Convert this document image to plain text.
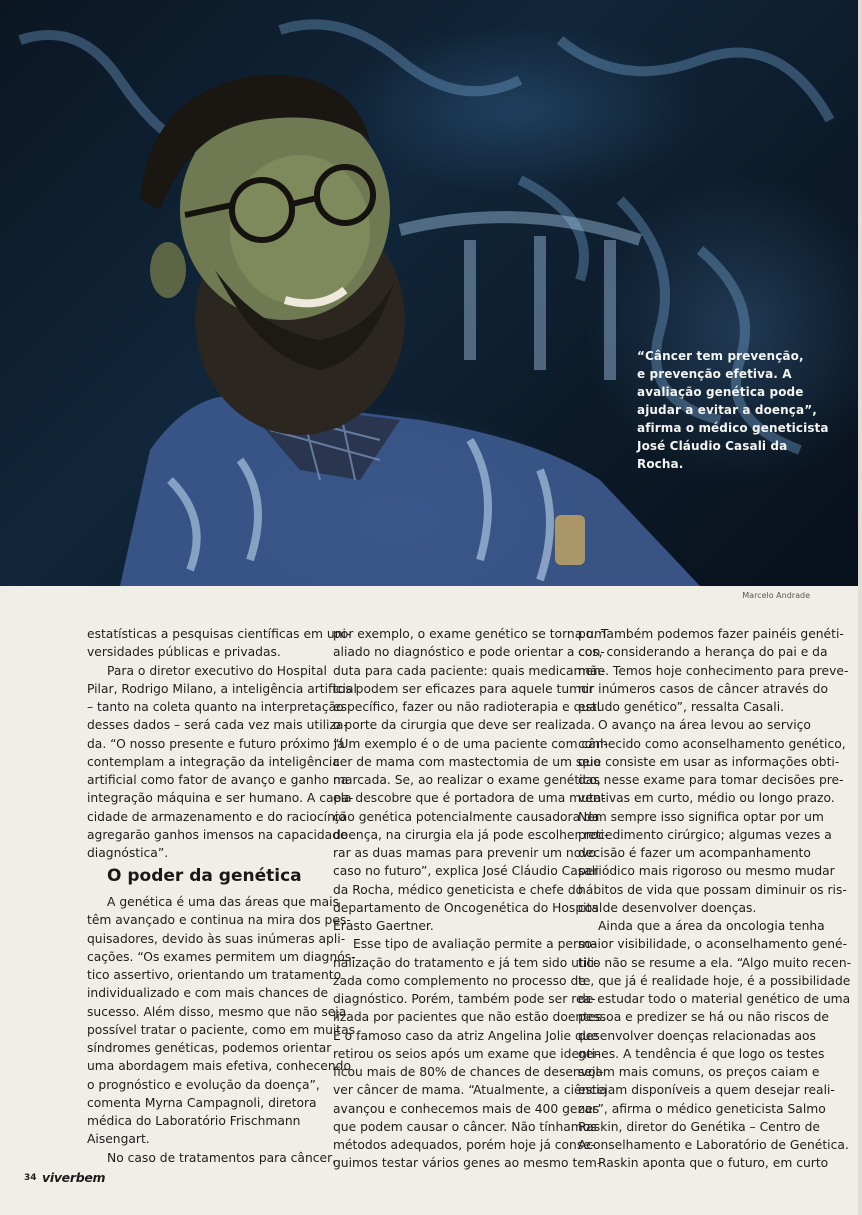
“Câncer tem prevenção,
e prevenção efetiva. A
avaliação genética pode
ajudar a evitar a doença”,
afirma o médico geneticista
José Cláudio Casali da Rocha.
Marcelo Andrade
estatísticas a pesquisas científicas em uni-
versidades públicas e privadas.
Para o diretor executivo do Hospital
Pilar, Rodrigo Milano, a inteligência artificial
– tanto na coleta quanto na interpretação
desses dados – será cada vez mais utiliza-
da. “O nosso presente e futuro próximo já
contemplam a integração da inteligência
artificial como fator de avanço e ganho na
integração máquina e ser humano. A capa-
cidade de armazenamento e do raciocínio
agregarão ganhos imensos na capacidade
diagnóstica”.
O poder da genética
A genética é uma das áreas que mais
têm avançado e continua na mira dos pes-
quisadores, devido às suas inúmeras apli-
cações. “Os exames permitem um diagnós-
tico assertivo, orientando um tratamento
individualizado e com mais chances de
sucesso. Além disso, mesmo que não seja
possível tratar o paciente, como em muitas
síndromes genéticas, podemos orientar
uma abordagem mais efetiva, conhecendo
o prognóstico e evolução da doença”,
comenta Myrna Campagnoli, diretora
médica do Laboratório Frischmann
Aisengart.
No caso de tratamentos para câncer,
por exemplo, o exame genético se torna um
aliado no diagnóstico e pode orientar a con-
duta para cada paciente: quais medicamen-
tos podem ser eficazes para aquele tumor
específico, fazer ou não radioterapia e qual
o porte da cirurgia que deve ser realizada.
“Um exemplo é o de uma paciente com cân-
cer de mama com mastectomia de um seio
marcada. Se, ao realizar o exame genético,
ela descobre que é portadora de uma muta-
ção genética potencialmente causadora da
doença, na cirurgia ela já pode escolher reti-
rar as duas mamas para prevenir um novo
caso no futuro”, explica José Cláudio Casali
da Rocha, médico geneticista e chefe do
departamento de Oncogenética do Hospital
Erasto Gaertner.
Esse tipo de avaliação permite a perso-
nalização do tratamento e já tem sido utili-
zada como complemento no processo de
diagnóstico. Porém, também pode ser rea-
lizada por pacientes que não estão doentes.
É o famoso caso da atriz Angelina Jolie que
retirou os seios após um exame que identi-
ficou mais de 80% de chances de desenvol-
ver câncer de mama. “Atualmente, a ciência
avançou e conhecemos mais de 400 genes
que podem causar o câncer. Não tínhamos
métodos adequados, porém hoje já conse-
guimos testar vários genes ao mesmo tem-
po. Também podemos fazer painéis genéti-
cos, considerando a herança do pai e da
mãe. Temos hoje conhecimento para preve-
nir inúmeros casos de câncer através do
estudo genético”, ressalta Casali.
O avanço na área levou ao serviço
conhecido como aconselhamento genético,
que consiste em usar as informações obti-
das nesse exame para tomar decisões pre-
ventivas em curto, médio ou longo prazo.
Nem sempre isso significa optar por um
procedimento cirúrgico; algumas vezes a
decisão é fazer um acompanhamento
periódico mais rigoroso ou mesmo mudar
hábitos de vida que possam diminuir os ris-
cos de desenvolver doenças.
Ainda que a área da oncologia tenha
maior visibilidade, o aconselhamento gené-
tico não se resume a ela. “Algo muito recen-
te, que já é realidade hoje, é a possibilidade
de estudar todo o material genético de uma
pessoa e predizer se há ou não riscos de
desenvolver doenças relacionadas aos
genes. A tendência é que logo os testes
sejam mais comuns, os preços caiam e
estejam disponíveis a quem desejar reali-
zar”, afirma o médico geneticista Salmo
Raskin, diretor do Genétika – Centro de
Aconselhamento e Laboratório de Genética.
Raskin aponta que o futuro, em curto
34 viverbem
